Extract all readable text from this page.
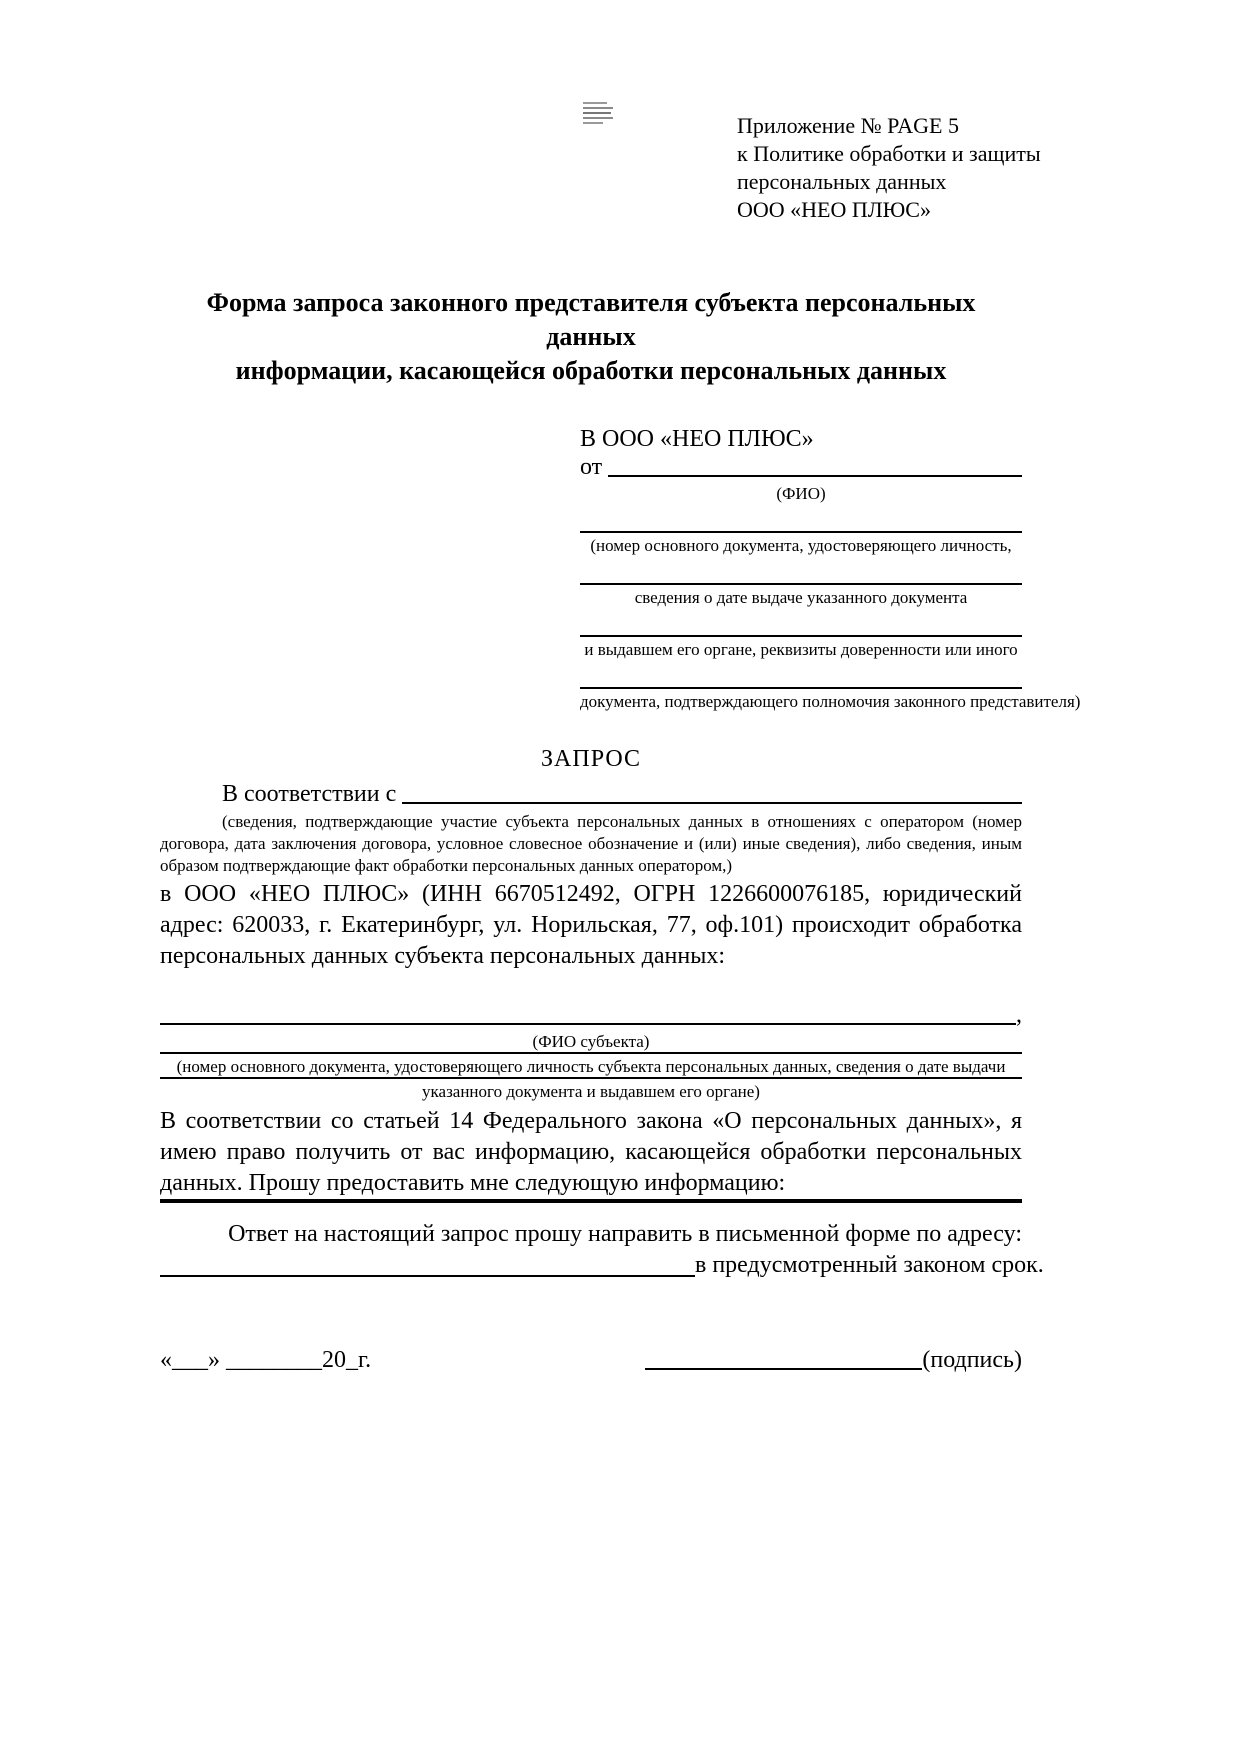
Приложение № PAGE 5
к Политике обработки и защиты
персональных данных
ООО «НЕО ПЛЮС»
Форма запроса законного представителя субъекта персональных данных
информации, касающейся обработки персональных данных
В ООО «НЕО ПЛЮС»
от
(ФИО)
(номер основного документа, удостоверяющего личность,
сведения о дате выдаче указанного документа
и выдавшем его органе, реквизиты доверенности или иного
документа, подтверждающего полномочия законного представителя)
ЗАПРОС
В соответствии с
(сведения, подтверждающие участие субъекта персональных данных в отношениях с оператором (номер договора, дата заключения договора, условное словесное обозначение и (или) иные сведения), либо сведения, иным образом подтверждающие факт обработки персональных данных оператором,)
в ООО «НЕО ПЛЮС» (ИНН 6670512492, ОГРН 1226600076185, юридический адрес: 620033, г. Екатеринбург, ул. Норильская, 77, оф.101) происходит обработка персональных данных субъекта персональных данных:
,
(ФИО субъекта)
(номер основного документа, удостоверяющего личность субъекта персональных данных, сведения о дате выдачи
указанного документа и выдавшем его органе)
В соответствии со статьей 14 Федерального закона «О персональных данных», я имею право получить от вас информацию, касающейся обработки персональных данных. Прошу предоставить мне следующую информацию:
Ответ на настоящий запрос прошу направить в письменной форме по адресу:
в предусмотренный законом срок.
«___» ________20_г.	(подпись)
